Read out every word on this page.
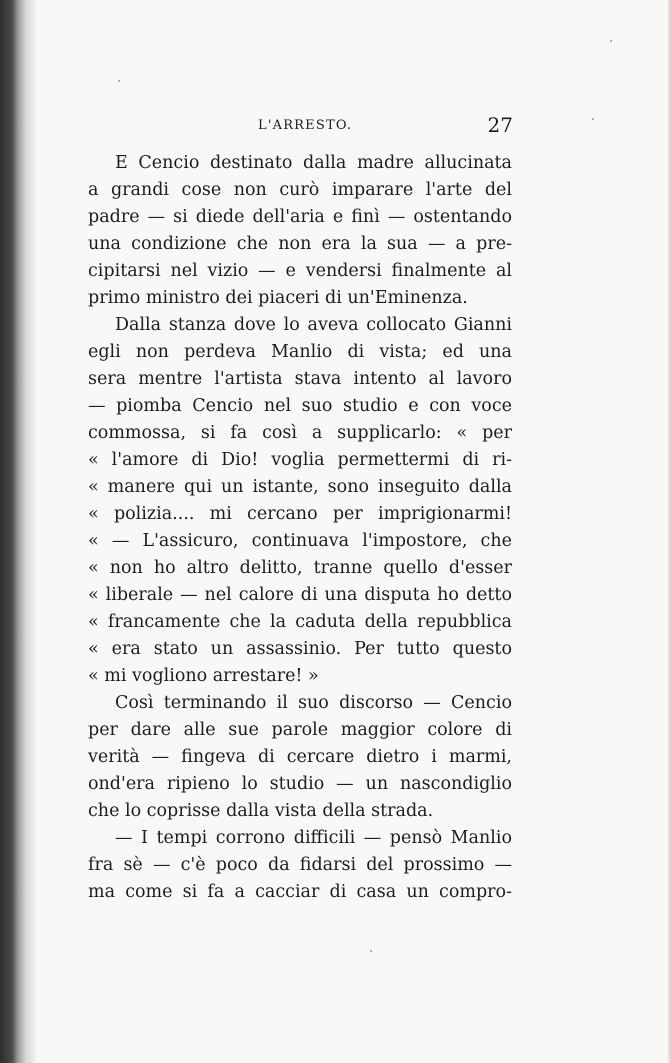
L'ARRESTO.	27
E Cencio destinato dalla madre allucinata
a grandi cose non curò imparare l'arte del
padre — si diede dell'aria e finì — ostentando
una condizione che non era la sua — a pre-
cipitarsi nel vizio — e vendersi finalmente al
primo ministro dei piaceri di un'Eminenza.
Dalla stanza dove lo aveva collocato Gianni
egli non perdeva Manlio di vista; ed una
sera mentre l'artista stava intento al lavoro
— piomba Cencio nel suo studio e con voce
commossa, si fa così a supplicarlo: « per
« l'amore di Dio! voglia permettermi di ri-
« manere qui un istante, sono inseguito dalla
« polizia.... mi cercano per imprigionarmi!
« — L'assicuro, continuava l'impostore, che
« non ho altro delitto, tranne quello d'esser
« liberale — nel calore di una disputa ho detto
« francamente che la caduta della repubblica
« era stato un assassinio. Per tutto questo
« mi vogliono arrestare! »
Così terminando il suo discorso — Cencio
per dare alle sue parole maggior colore di
verità — fingeva di cercare dietro i marmi,
ond'era ripieno lo studio — un nascondiglio
che lo coprisse dalla vista della strada.
— I tempi corrono difficili — pensò Manlio
fra sè — c'è poco da fidarsi del prossimo —
ma come si fa a cacciar di casa un compro-
